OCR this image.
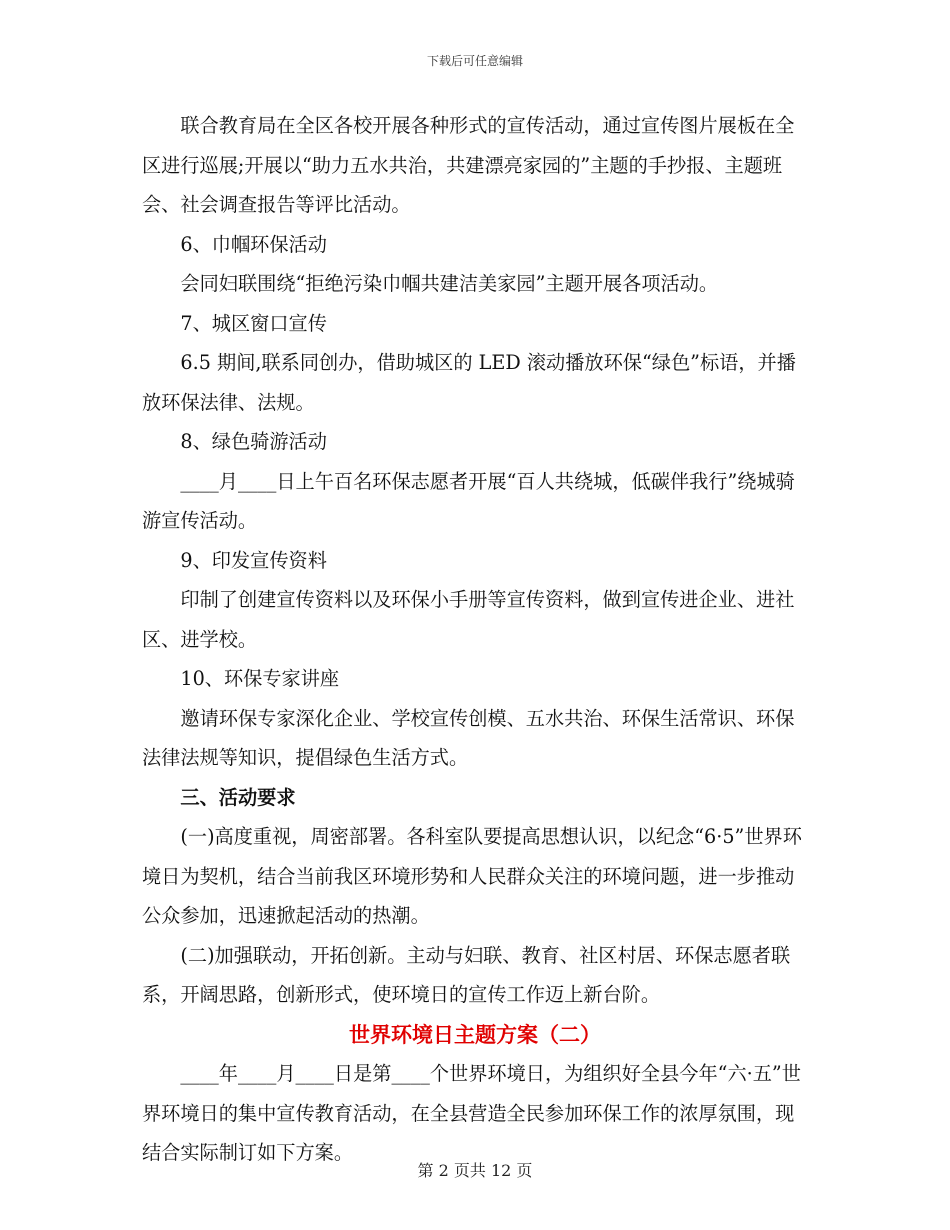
下载后可任意编辑

联合教育局在全区各校开展各种形式的宣传活动，通过宣传图片展板在全区进行巡展;开展以“助力五水共治，共建漂亮家园的”主题的手抄报、主题班会、社会调查报告等评比活动。

6、巾帼环保活动

会同妇联围绕“拒绝污染巾帼共建洁美家园”主题开展各项活动。

7、城区窗口宣传

6.5 期间,联系同创办，借助城区的 LED 滚动播放环保“绿色”标语，并播放环保法律、法规。

8、绿色骑游活动

____月____日上午百名环保志愿者开展“百人共绕城，低碳伴我行”绕城骑游宣传活动。

9、印发宣传资料

印制了创建宣传资料以及环保小手册等宣传资料，做到宣传进企业、进社区、进学校。

10、环保专家讲座

邀请环保专家深化企业、学校宣传创模、五水共治、环保生活常识、环保法律法规等知识，提倡绿色生活方式。

三、活动要求

(一)高度重视，周密部署。各科室队要提高思想认识，以纪念“6·5”世界环境日为契机，结合当前我区环境形势和人民群众关注的环境问题，进一步推动公众参加，迅速掀起活动的热潮。

(二)加强联动，开拓创新。主动与妇联、教育、社区村居、环保志愿者联系，开阔思路，创新形式，使环境日的宣传工作迈上新台阶。

世界环境日主题方案（二）

____年____月____日是第____个世界环境日，为组织好全县今年“六·五”世界环境日的集中宣传教育活动，在全县营造全民参加环保工作的浓厚氛围，现结合实际制订如下方案。

第 2 页共 12 页
